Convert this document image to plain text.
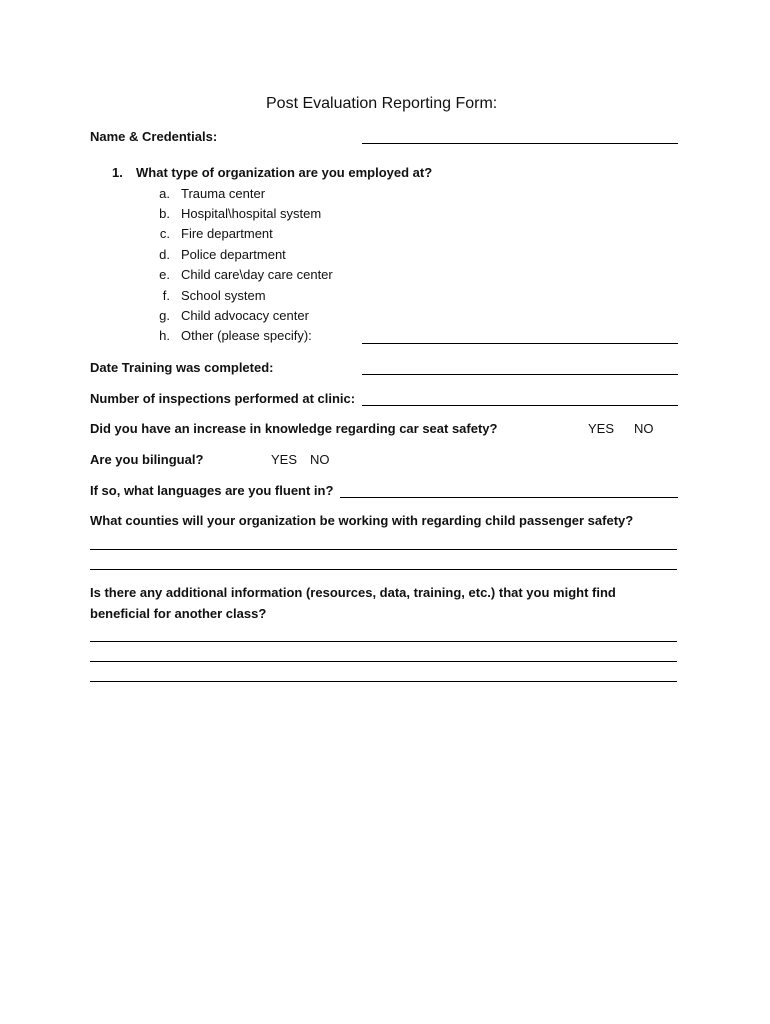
Post Evaluation Reporting Form:
Name & Credentials:
1. What type of organization are you employed at?
a. Trauma center
b. Hospital\hospital system
c. Fire department
d. Police department
e. Child care\day care center
f. School system
g. Child advocacy center
h. Other (please specify):
Date Training was completed:
Number of inspections performed at clinic:
Did you have an increase in knowledge regarding car seat safety?	YES NO
Are you bilingual?	YES NO
If so, what languages are you fluent in?
What counties will your organization be working with regarding child passenger safety?
Is there any additional information (resources, data, training, etc.) that you might find
beneficial for another class?
